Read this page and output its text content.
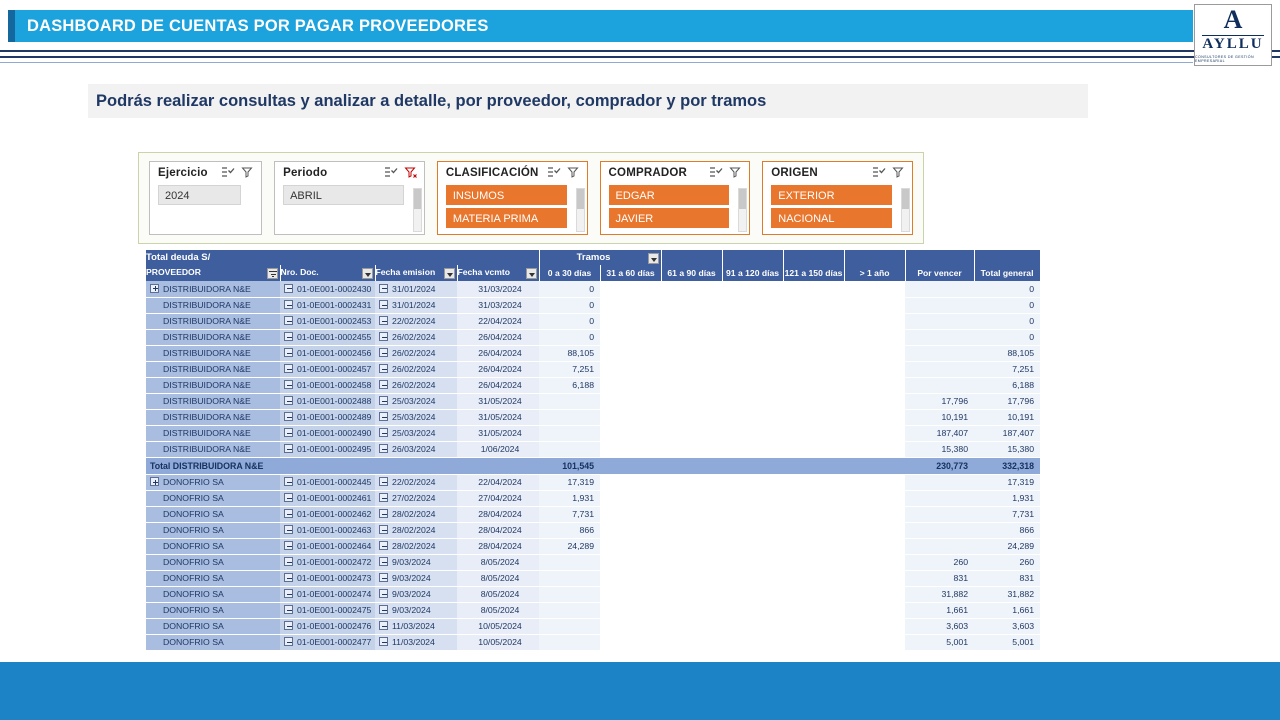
DASHBOARD DE CUENTAS POR PAGAR PROVEEDORES	A
AYLLU
CONSULTORES DE GESTIÓN EMPRESARIAL
Podrás realizar consultas y analizar a detalle, por proveedor, comprador y por tramos
Ejercicio
2024
Periodo
ABRIL
CLASIFICACIÓN
INSUMOS
MATERIA PRIMA
COMPRADOR
EDGAR
JAVIER
ORIGEN
EXTERIOR
NACIONAL
Total deuda S/				Tramos	

PROVEEDOR	Nro. Doc.	Fecha emision	Fecha vcmto	0 a 30 días	31 a 60 días	61 a 90 días	91 a 120 días	121 a 150 días	> 1 año	Por vencer	Total general
DISTRIBUIDORA N&E	01-0E001-0002430	31/01/2024	31/03/2024	0							0
DISTRIBUIDORA N&E	01-0E001-0002431	31/01/2024	31/03/2024	0							0
DISTRIBUIDORA N&E	01-0E001-0002453	22/02/2024	22/04/2024	0							0
DISTRIBUIDORA N&E	01-0E001-0002455	26/02/2024	26/04/2024	0							0
DISTRIBUIDORA N&E	01-0E001-0002456	26/02/2024	26/04/2024	88,105							88,105
DISTRIBUIDORA N&E	01-0E001-0002457	26/02/2024	26/04/2024	7,251							7,251
DISTRIBUIDORA N&E	01-0E001-0002458	26/02/2024	26/04/2024	6,188							6,188
DISTRIBUIDORA N&E	01-0E001-0002488	25/03/2024	31/05/2024							17,796	17,796
DISTRIBUIDORA N&E	01-0E001-0002489	25/03/2024	31/05/2024							10,191	10,191
DISTRIBUIDORA N&E	01-0E001-0002490	25/03/2024	31/05/2024							187,407	187,407
DISTRIBUIDORA N&E	01-0E001-0002495	26/03/2024	1/06/2024							15,380	15,380
Total DISTRIBUIDORA N&E				101,545						230,773	332,318
DONOFRIO SA	01-0E001-0002445	22/02/2024	22/04/2024	17,319							17,319
DONOFRIO SA	01-0E001-0002461	27/02/2024	27/04/2024	1,931							1,931
DONOFRIO SA	01-0E001-0002462	28/02/2024	28/04/2024	7,731							7,731
DONOFRIO SA	01-0E001-0002463	28/02/2024	28/04/2024	866							866
DONOFRIO SA	01-0E001-0002464	28/02/2024	28/04/2024	24,289							24,289
DONOFRIO SA	01-0E001-0002472	9/03/2024	8/05/2024							260	260
DONOFRIO SA	01-0E001-0002473	9/03/2024	8/05/2024							831	831
DONOFRIO SA	01-0E001-0002474	9/03/2024	8/05/2024							31,882	31,882
DONOFRIO SA	01-0E001-0002475	9/03/2024	8/05/2024							1,661	1,661
DONOFRIO SA	01-0E001-0002476	11/03/2024	10/05/2024							3,603	3,603
DONOFRIO SA	01-0E001-0002477	11/03/2024	10/05/2024							5,001	5,001
